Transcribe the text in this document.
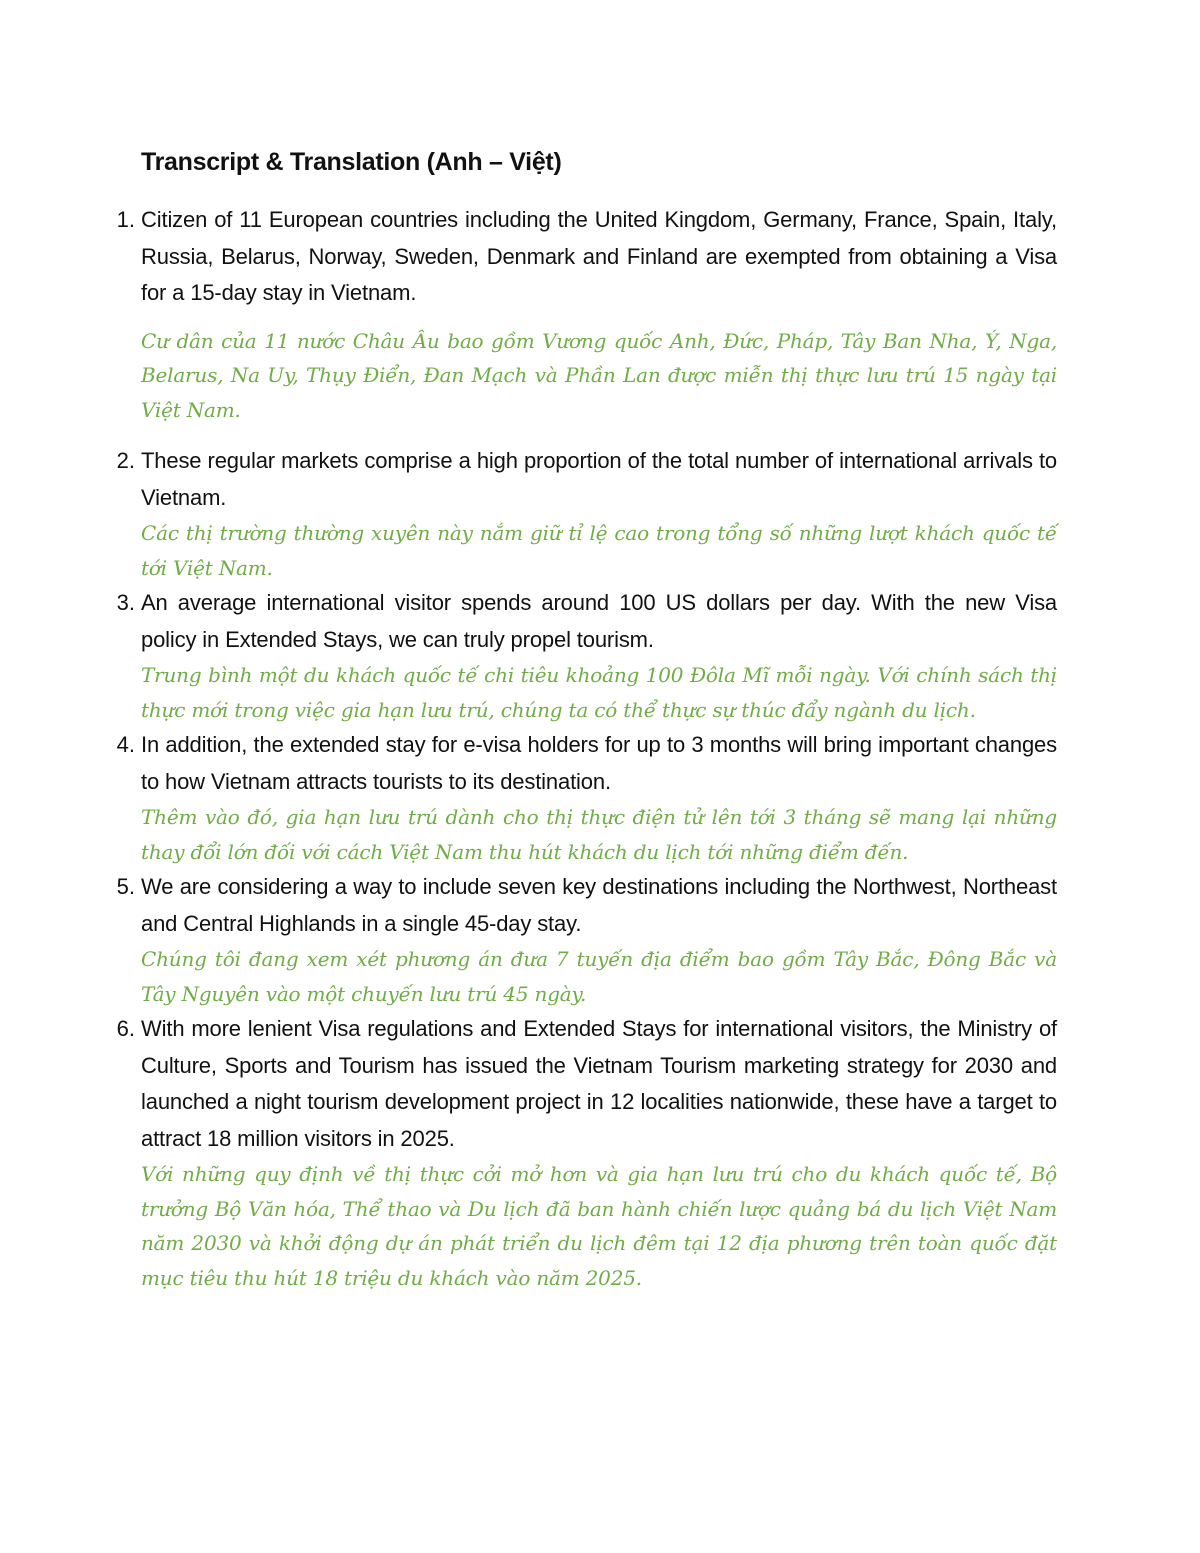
Transcript & Translation (Anh – Việt)
1. Citizen of 11 European countries including the United Kingdom, Germany, France, Spain, Italy, Russia, Belarus, Norway, Sweden, Denmark and Finland are exempted from obtaining a Visa for a 15-day stay in Vietnam.

Cư dân của 11 nước Châu Âu bao gồm Vương quốc Anh, Đức, Pháp, Tây Ban Nha, Ý, Nga, Belarus, Na Uy, Thụy Điển, Đan Mạch và Phần Lan được miễn thị thực lưu trú 15 ngày tại Việt Nam.

2. These regular markets comprise a high proportion of the total number of international arrivals to Vietnam.

Các thị trường thường xuyên này nắm giữ tỉ lệ cao trong tổng số những lượt khách quốc tế tới Việt Nam.

3. An average international visitor spends around 100 US dollars per day. With the new Visa policy in Extended Stays, we can truly propel tourism.

Trung bình một du khách quốc tế chi tiêu khoảng 100 Đôla Mĩ mỗi ngày. Với chính sách thị thực mới trong việc gia hạn lưu trú, chúng ta có thể thực sự thúc đẩy ngành du lịch.

4. In addition, the extended stay for e-visa holders for up to 3 months will bring important changes to how Vietnam attracts tourists to its destination.

Thêm vào đó, gia hạn lưu trú dành cho thị thực điện tử lên tới 3 tháng sẽ mang lại những thay đổi lớn đối với cách Việt Nam thu hút khách du lịch tới những điểm đến.

5. We are considering a way to include seven key destinations including the Northwest, Northeast and Central Highlands in a single 45-day stay.

Chúng tôi đang xem xét phương án đưa 7 tuyến địa điểm bao gồm Tây Bắc, Đông Bắc và Tây Nguyên vào một chuyến lưu trú 45 ngày.

6. With more lenient Visa regulations and Extended Stays for international visitors, the Ministry of Culture, Sports and Tourism has issued the Vietnam Tourism marketing strategy for 2030 and launched a night tourism development project in 12 localities nationwide, these have a target to attract 18 million visitors in 2025.

Với những quy định về thị thực cởi mở hơn và gia hạn lưu trú cho du khách quốc tế, Bộ trưởng Bộ Văn hóa, Thể thao và Du lịch đã ban hành chiến lược quảng bá du lịch Việt Nam năm 2030 và khởi động dự án phát triển du lịch đêm tại 12 địa phương trên toàn quốc đặt mục tiêu thu hút 18 triệu du khách vào năm 2025.
